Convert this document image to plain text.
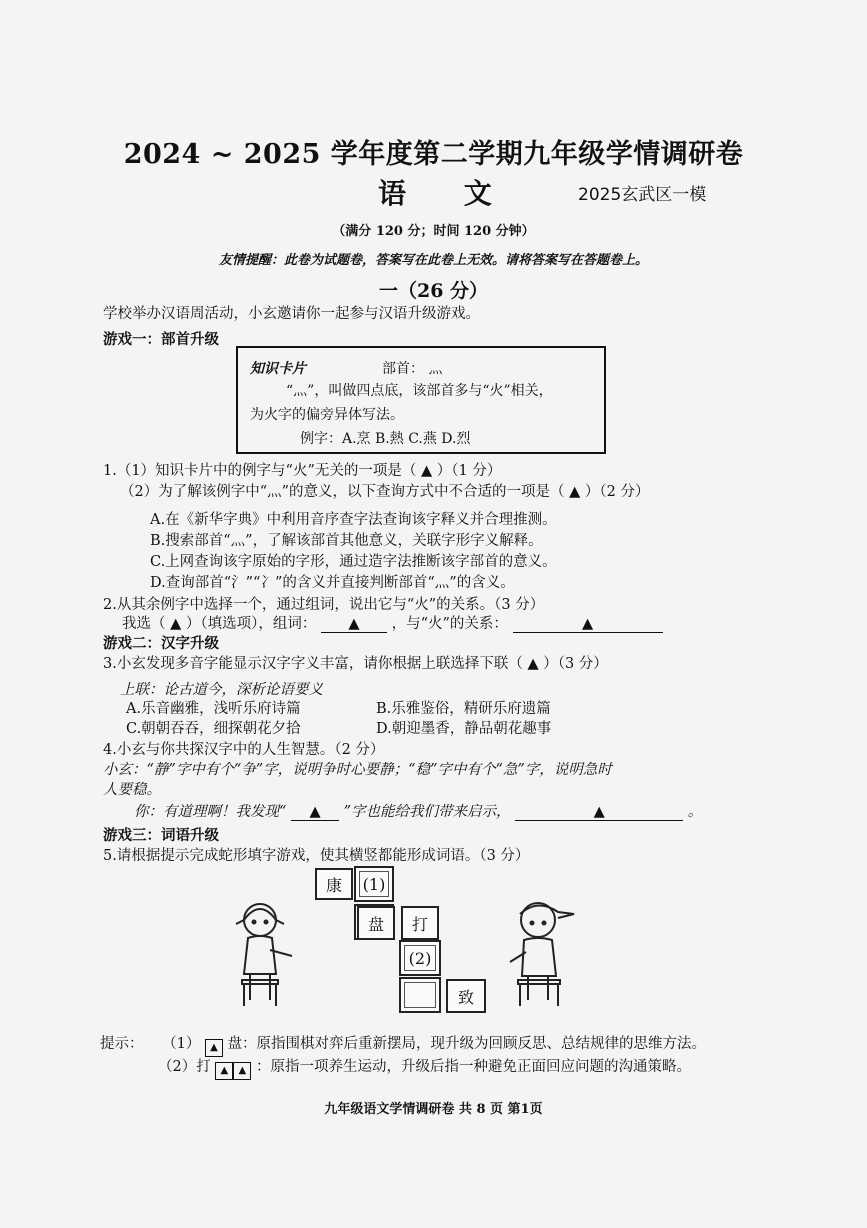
2024 ~ 2025 学年度第二学期九年级学情调研卷
语 文	2025玄武区一模
（满分 120 分；时间 120 分钟）
友情提醒：此卷为试题卷，答案写在此卷上无效。请将答案写在答题卷上。
一（26 分）
学校举办汉语周活动，小玄邀请你一起参与汉语升级游戏。
游戏一：部首升级
知识卡片	部首： 灬
“灬”，叫做四点底，该部首多与“火”相关，
为火字的偏旁异体写法。
例字：A.烹 B.熱 C.燕 D.烈
1.（1）知识卡片中的例字与“火”无关的一项是（ ▲ ）（1 分）
（2）为了解该例字中“灬”的意义，以下查询方式中不合适的一项是（ ▲ ）（2 分）
A.在《新华字典》中利用音序查字法查询该字释义并合理推测。
B.搜索部首“灬”，了解该部首其他意义，关联字形字义解释。
C.上网查询该字原始的字形，通过造字法推断该字部首的意义。
D.查询部首“氵”“冫”的含义并直接判断部首“灬”的含义。
2.从其余例字中选择一个，通过组词，说出它与“火”的关系。（3 分）
我选（ ▲ ）（填选项），组词： ▲ ，与“火”的关系：	▲
游戏二：汉字升级
3.小玄发现多音字能显示汉字字义丰富，请你根据上联选择下联（ ▲ ）（3 分）
上联：论古道今，深析论语要义
A.乐音幽雅，浅听乐府诗篇	B.乐雅鉴俗，精研乐府遗篇
C.朝朝吞吞，细探朝花夕拾	D.朝迎墨香，静品朝花趣事
4.小玄与你共探汉字中的人生智慧。（2 分）
小玄：“静”字中有个“争”字，说明争时心要静；“稳”字中有个“急”字，说明急时
人要稳。
你：有道理啊！我发现“ ▲ ”字也能给我们带来启示，	▲	。
游戏三：词语升级
5.请根据提示完成蛇形填字游戏，使其横竖都能形成词语。（3 分）
康	(1)
盘	打
(2)
致
提示： （1） ▲ 盘：原指围棋对弈后重新摆局，现升级为回顾反思、总结规律的思维方法。
（2）打 ▲ ▲ ：原指一项养生运动，升级后指一种避免正面回应问题的沟通策略。
九年级语文学情调研卷 共 8 页 第1页
